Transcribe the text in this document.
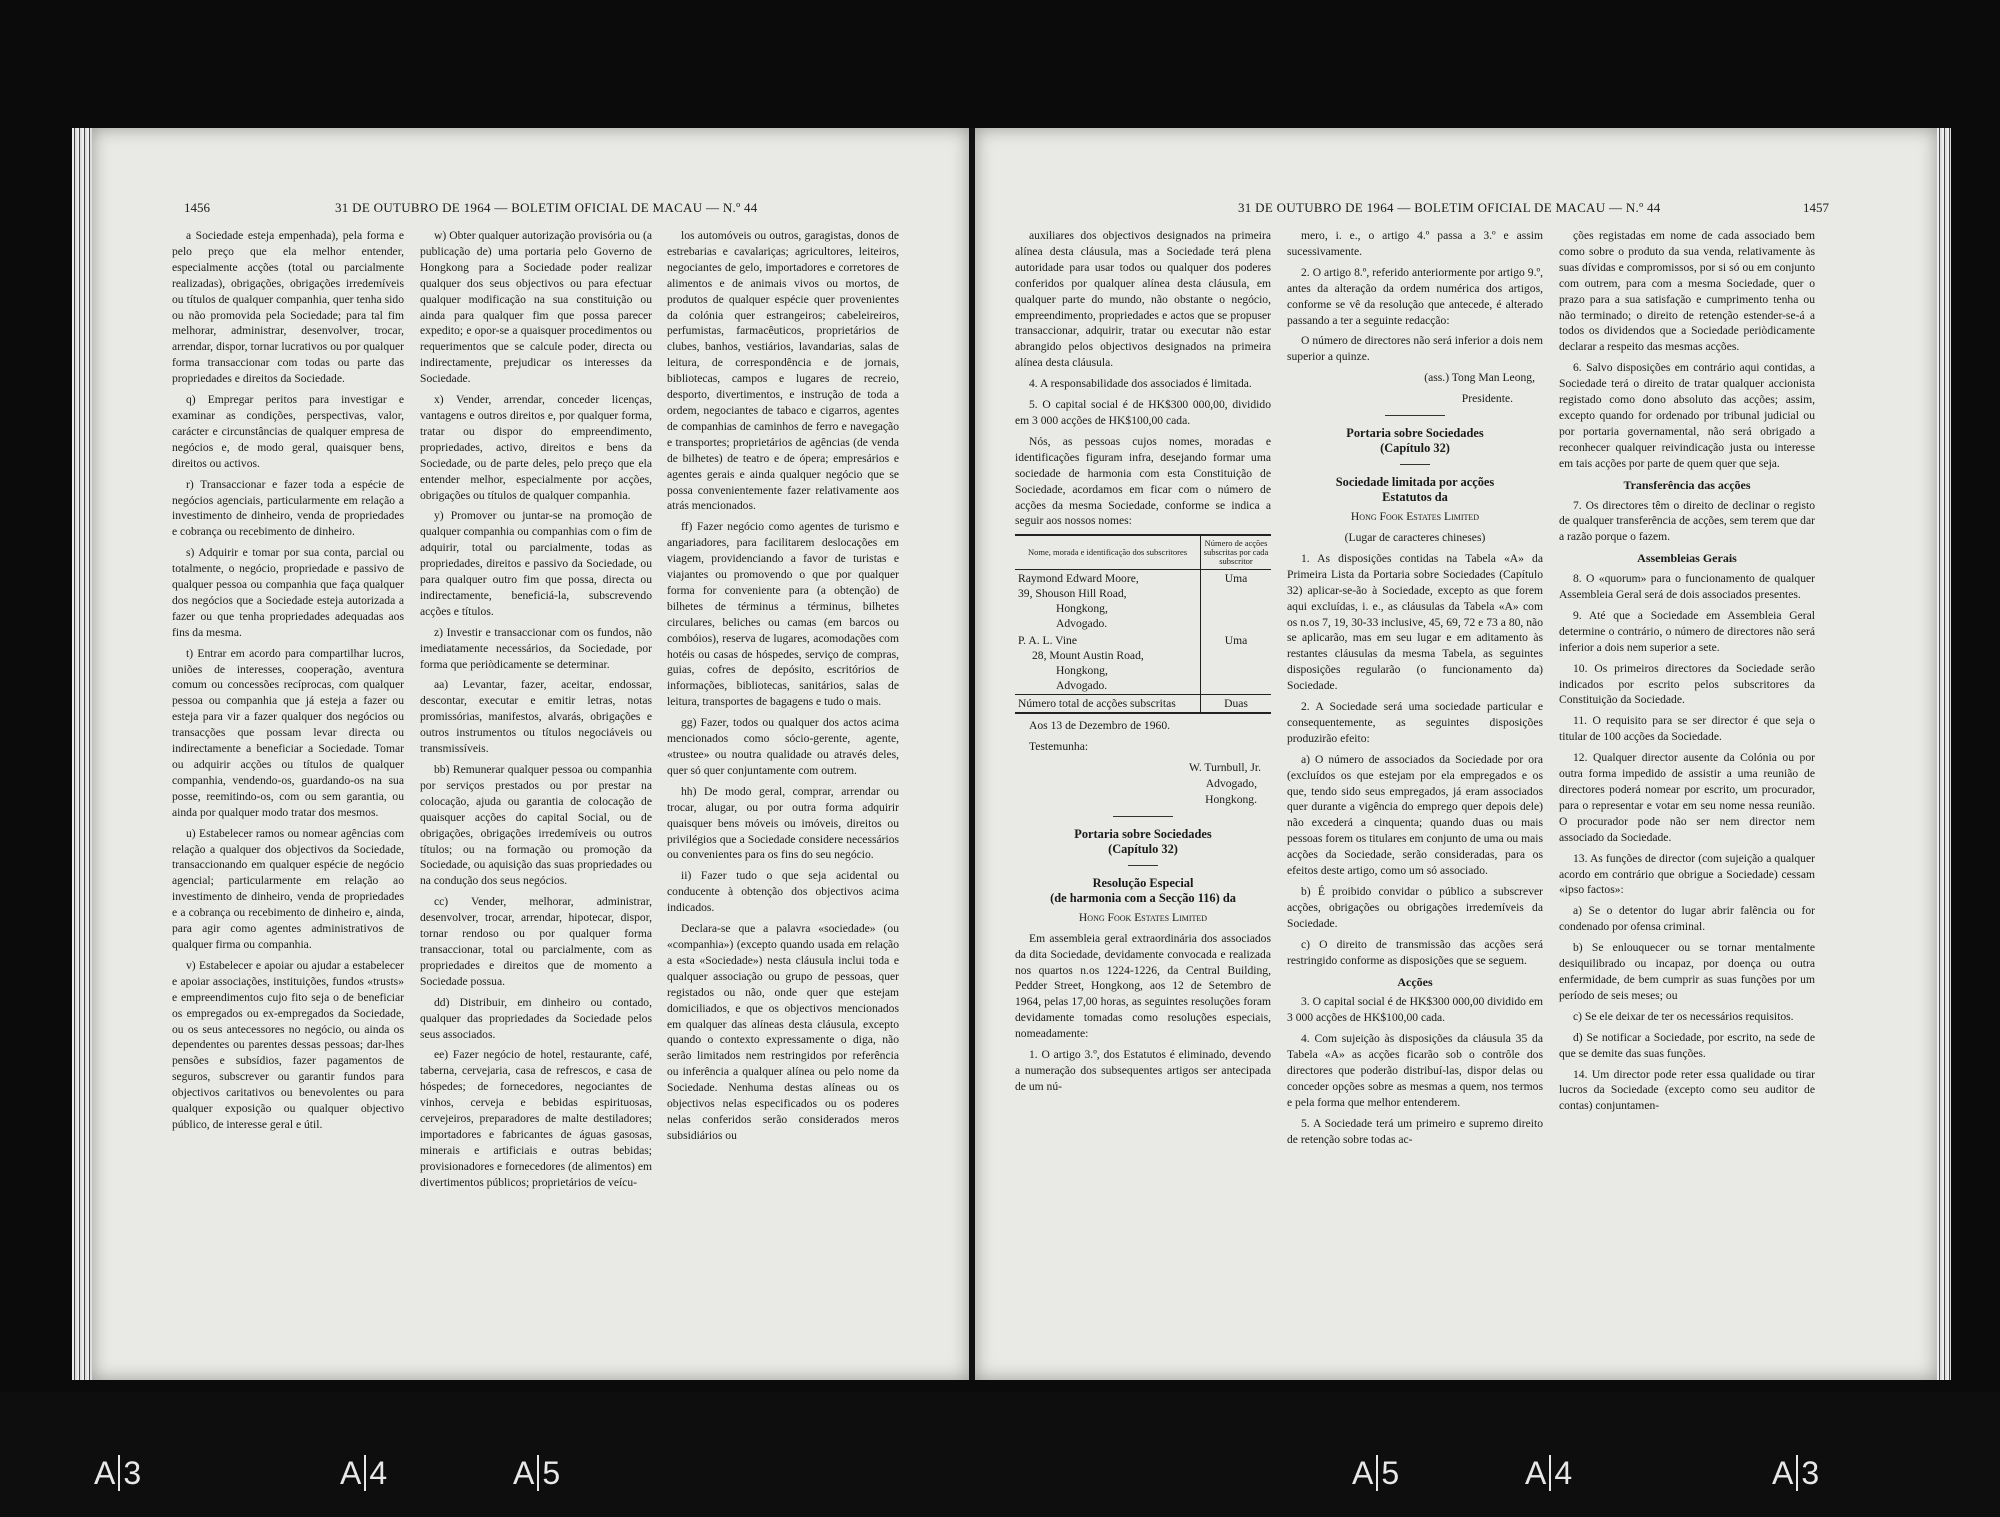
1456	31 DE OUTUBRO DE 1964 — BOLETIM OFICIAL DE MACAU — N.º 44

a Sociedade esteja empenhada), pela forma e pelo preço que ela melhor entender, especialmente acções (total ou parcialmente realizadas), obrigações, obrigações irredemíveis ou títulos de qualquer companhia, quer tenha sido ou não promovida pela Sociedade; para tal fim melhorar, administrar, desenvolver, trocar, arrendar, dispor, tornar lucrativos ou por qualquer forma transaccionar com todas ou parte das propriedades e direitos da Sociedade.

q) Empregar peritos para investigar e examinar as condições, perspectivas, valor, carácter e circunstâncias de qualquer empresa de negócios e, de modo geral, quaisquer bens, direitos ou activos.

r) Transaccionar e fazer toda a espécie de negócios agenciais, particularmente em relação a investimento de dinheiro, venda de propriedades e cobrança ou recebimento de dinheiro.

s) Adquirir e tomar por sua conta, parcial ou totalmente, o negócio, propriedade e passivo de qualquer pessoa ou companhia que faça qualquer dos negócios que a Sociedade esteja autorizada a fazer ou que tenha propriedades adequadas aos fins da mesma.

t) Entrar em acordo para compartilhar lucros, uniões de interesses, cooperação, aventura comum ou concessões recíprocas, com qualquer pessoa ou companhia que já esteja a fazer ou esteja para vir a fazer qualquer dos negócios ou transacções que possam levar directa ou indirectamente a beneficiar a Sociedade. Tomar ou adquirir acções ou títulos de qualquer companhia, vendendo-os, guardando-os na sua posse, reemitindo-os, com ou sem garantia, ou ainda por qualquer modo tratar dos mesmos.

u) Estabelecer ramos ou nomear agências com relação a qualquer dos objectivos da Sociedade, transaccionando em qualquer espécie de negócio agencial; particularmente em relação ao investimento de dinheiro, venda de propriedades e a cobrança ou recebimento de dinheiro e, ainda, para agir como agentes administrativos de qualquer firma ou companhia.

v) Estabelecer e apoiar ou ajudar a estabelecer e apoiar associações, instituições, fundos «trusts» e empreendimentos cujo fito seja o de beneficiar os empregados ou ex-empregados da Sociedade, ou os seus antecessores no negócio, ou ainda os dependentes ou parentes dessas pessoas; dar-lhes pensões e subsídios, fazer pagamentos de seguros, subscrever ou garantir fundos para objectivos caritativos ou benevolentes ou para qualquer exposição ou qualquer objectivo público, de interesse geral e útil.

w) Obter qualquer autorização provisória ou (a publicação de) uma portaria pelo Governo de Hongkong para a Sociedade poder realizar qualquer dos seus objectivos ou para efectuar qualquer modificação na sua constituição ou ainda para qualquer fim que possa parecer expedito; e opor-se a quaisquer procedimentos ou requerimentos que se calcule poder, directa ou indirectamente, prejudicar os interesses da Sociedade.

x) Vender, arrendar, conceder licenças, vantagens e outros direitos e, por qualquer forma, tratar ou dispor do empreendimento, propriedades, activo, direitos e bens da Sociedade, ou de parte deles, pelo preço que ela entender melhor, especialmente por acções, obrigações ou títulos de qualquer companhia.

y) Promover ou juntar-se na promoção de qualquer companhia ou companhias com o fim de adquirir, total ou parcialmente, todas as propriedades, direitos e passivo da Sociedade, ou para qualquer outro fim que possa, directa ou indirectamente, beneficiá-la, subscrevendo acções e títulos.

z) Investir e transaccionar com os fundos, não imediatamente necessários, da Sociedade, por forma que periòdicamente se determinar.

aa) Levantar, fazer, aceitar, endossar, descontar, executar e emitir letras, notas promissórias, manifestos, alvarás, obrigações e outros instrumentos ou títulos negociáveis ou transmissíveis.

bb) Remunerar qualquer pessoa ou companhia por serviços prestados ou por prestar na colocação, ajuda ou garantia de colocação de quaisquer acções do capital Social, ou de obrigações, obrigações irredemíveis ou outros títulos; ou na formação ou promoção da Sociedade, ou aquisição das suas propriedades ou na condução dos seus negócios.

cc) Vender, melhorar, administrar, desenvolver, trocar, arrendar, hipotecar, dispor, tornar rendoso ou por qualquer forma transaccionar, total ou parcialmente, com as propriedades e direitos que de momento a Sociedade possua.

dd) Distribuir, em dinheiro ou contado, qualquer das propriedades da Sociedade pelos seus associados.

ee) Fazer negócio de hotel, restaurante, café, taberna, cervejaria, casa de refrescos, e casa de hóspedes; de fornecedores, negociantes de vinhos, cerveja e bebidas espirituosas, cervejeiros, preparadores de malte destiladores; importadores e fabricantes de águas gasosas, minerais e artificiais e outras bebidas; provisionadores e fornecedores (de alimentos) em divertimentos públicos; proprietários de veícu-

los automóveis ou outros, garagistas, donos de estrebarias e cavalariças; agricultores, leiteiros, negociantes de gelo, importadores e corretores de alimentos e de animais vivos ou mortos, de produtos de qualquer espécie quer provenientes da colónia quer estrangeiros; cabeleireiros, perfumistas, farmacêuticos, proprietários de clubes, banhos, vestiários, lavandarias, salas de leitura, de correspondência e de jornais, bibliotecas, campos e lugares de recreio, desporto, divertimentos, e instrução de toda a ordem, negociantes de tabaco e cigarros, agentes de companhias de caminhos de ferro e navegação e transportes; proprietários de agências (de venda de bilhetes) de teatro e de ópera; empresários e agentes gerais e ainda qualquer negócio que se possa convenientemente fazer relativamente aos atrás mencionados.

ff) Fazer negócio como agentes de turismo e angariadores, para facilitarem deslocações em viagem, providenciando a favor de turistas e viajantes ou promovendo o que por qualquer forma for conveniente para (a obtenção) de bilhetes de términus a términus, bilhetes circulares, beliches ou camas (em barcos ou combóios), reserva de lugares, acomodações com hotéis ou casas de hóspedes, serviço de compras, guias, cofres de depósito, escritórios de informações, bibliotecas, sanitários, salas de leitura, transportes de bagagens e tudo o mais.

gg) Fazer, todos ou qualquer dos actos acima mencionados como sócio-gerente, agente, «trustee» ou noutra qualidade ou através deles, quer só quer conjuntamente com outrem.

hh) De modo geral, comprar, arrendar ou trocar, alugar, ou por outra forma adquirir quaisquer bens móveis ou imóveis, direitos ou privilégios que a Sociedade considere necessários ou convenientes para os fins do seu negócio.

ii) Fazer tudo o que seja acidental ou conducente à obtenção dos objectivos acima indicados.

Declara-se que a palavra «sociedade» (ou «companhia») (excepto quando usada em relação a esta «Sociedade») nesta cláusula inclui toda e qualquer associação ou grupo de pessoas, quer registados ou não, onde quer que estejam domiciliados, e que os objectivos mencionados em qualquer das alíneas desta cláusula, excepto quando o contexto expressamente o diga, não serão limitados nem restringidos por referência ou inferência a qualquer alínea ou pelo nome da Sociedade. Nenhuma destas alíneas ou os objectivos nelas especificados ou os poderes nelas conferidos serão considerados meros subsidiários ou

31 DE OUTUBRO DE 1964 — BOLETIM OFICIAL DE MACAU — N.º 44	1457

auxiliares dos objectivos designados na primeira alínea desta cláusula, mas a Sociedade terá plena autoridade para usar todos ou qualquer dos poderes conferidos por qualquer alínea desta cláusula, em qualquer parte do mundo, não obstante o negócio, empreendimento, propriedades e actos que se propuser transaccionar, adquirir, tratar ou executar não estar abrangido pelos objectivos designados na primeira alínea desta cláusula.

4. A responsabilidade dos associados é limitada.

5. O capital social é de HK$300 000,00, dividido em 3 000 acções de HK$100,00 cada.

Nós, as pessoas cujos nomes, moradas e identificações figuram infra, desejando formar uma sociedade de harmonia com esta Constituição de Sociedade, acordamos em ficar com o número de acções da mesma Sociedade, conforme se indica a seguir aos nossos nomes:

Nome, morada e identificação dos subscritores	Número de acções subscritas por cada subscritor

Raymond Edward Moore,
39, Shouson Hill Road,
Hongkong,
Advogado.	Uma

P. A. L. Vine
28, Mount Austin Road,
Hongkong,
Advogado.	Uma
Número total de acções subscritas	Duas

Aos 13 de Dezembro de 1960.

Testemunha:

W. Turnbull, Jr.
Advogado,
Hongkong.
Portaria sobre Sociedades
(Capítulo 32)
Resolução Especial
(de harmonia com a Secção 116) da

Hong Fook Estates Limited

Em assembleia geral extraordinária dos associados da dita Sociedade, devidamente convocada e realizada nos quartos n.os 1224-1226, da Central Building, Pedder Street, Hongkong, aos 12 de Setembro de 1964, pelas 17,00 horas, as seguintes resoluções foram devidamente tomadas como resoluções especiais, nomeadamente:

1. O artigo 3.º, dos Estatutos é eliminado, devendo a numeração dos subsequentes artigos ser antecipada de um nú-

mero, i. e., o artigo 4.º passa a 3.º e assim sucessivamente.

2. O artigo 8.º, referido anteriormente por artigo 9.º, antes da alteração da ordem numérica dos artigos, conforme se vê da resolução que antecede, é alterado passando a ter a seguinte redacção:

O número de directores não será inferior a dois nem superior a quinze.

(ass.) Tong Man Leong,

Presidente.

Portaria sobre Sociedades
(Capítulo 32)
Sociedade limitada por acções
Estatutos da

Hong Fook Estates Limited

(Lugar de caracteres chineses)

1. As disposições contidas na Tabela «A» da Primeira Lista da Portaria sobre Sociedades (Capítulo 32) aplicar-se-ão à Sociedade, excepto as que forem aqui excluídas, i. e., as cláusulas da Tabela «A» com os n.os 7, 19, 30-33 inclusive, 45, 69, 72 e 73 a 80, não se aplicarão, mas em seu lugar e em aditamento às restantes cláusulas da mesma Tabela, as seguintes disposições regularão (o funcionamento da) Sociedade.

2. A Sociedade será uma sociedade particular e consequentemente, as seguintes disposições produzirão efeito:

a) O número de associados da Sociedade por ora (excluídos os que estejam por ela empregados e os que, tendo sido seus empregados, já eram associados quer durante a vigência do emprego quer depois dele) não excederá a cinquenta; quando duas ou mais pessoas forem os titulares em conjunto de uma ou mais acções da Sociedade, serão consideradas, para os efeitos deste artigo, como um só associado.

b) É proibido convidar o público a subscrever acções, obrigações ou obrigações irredemíveis da Sociedade.

c) O direito de transmissão das acções será restringido conforme as disposições que se seguem.

Acções

3. O capital social é de HK$300 000,00 dividido em 3 000 acções de HK$100,00 cada.

4. Com sujeição às disposições da cláusula 35 da Tabela «A» as acções ficarão sob o contrôle dos directores que poderão distribuí-las, dispor delas ou conceder opções sobre as mesmas a quem, nos termos e pela forma que melhor entenderem.

5. A Sociedade terá um primeiro e supremo direito de retenção sobre todas ac-

ções registadas em nome de cada associado bem como sobre o produto da sua venda, relativamente às suas dívidas e compromissos, por si só ou em conjunto com outrem, para com a mesma Sociedade, quer o prazo para a sua satisfação e cumprimento tenha ou não terminado; o direito de retenção estender-se-á a todos os dividendos que a Sociedade periòdicamente declarar a respeito das mesmas acções.

6. Salvo disposições em contrário aqui contidas, a Sociedade terá o direito de tratar qualquer accionista registado como dono absoluto das acções; assim, excepto quando for ordenado por tribunal judicial ou por portaria governamental, não será obrigado a reconhecer qualquer reivindicação justa ou interesse em tais acções por parte de quem quer que seja.

Transferência das acções

7. Os directores têm o direito de declinar o registo de qualquer transferência de acções, sem terem que dar a razão porque o fazem.

Assembleias Gerais

8. O «quorum» para o funcionamento de qualquer Assembleia Geral será de dois associados presentes.

9. Até que a Sociedade em Assembleia Geral determine o contrário, o número de directores não será inferior a dois nem superior a sete.

10. Os primeiros directores da Sociedade serão indicados por escrito pelos subscritores da Constituição da Sociedade.

11. O requisito para se ser director é que seja o titular de 100 acções da Sociedade.

12. Qualquer director ausente da Colónia ou por outra forma impedido de assistir a uma reunião de directores poderá nomear por escrito, um procurador, para o representar e votar em seu nome nessa reunião. O procurador pode não ser nem director nem associado da Sociedade.

13. As funções de director (com sujeição a qualquer acordo em contrário que obrigue a Sociedade) cessam «ipso factos»:

a) Se o detentor do lugar abrir falência ou for condenado por ofensa criminal.

b) Se enlouquecer ou se tornar mentalmente desiquilibrado ou incapaz, por doença ou outra enfermidade, de bem cumprir as suas funções por um período de seis meses; ou

c) Se ele deixar de ter os necessários requisitos.

d) Se notificar a Sociedade, por escrito, na sede de que se demite das suas funções.

14. Um director pode reter essa qualidade ou tirar lucros da Sociedade (excepto como seu auditor de contas) conjuntamen-

A 3	A 4	A 5	A 5	A 4	A 3
